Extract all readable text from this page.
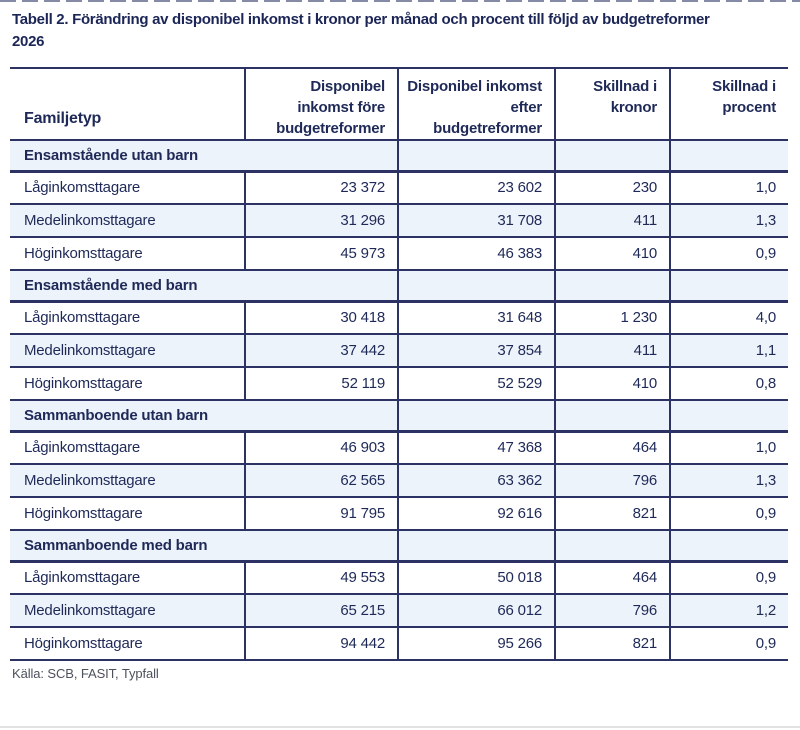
Tabell 2. Förändring av disponibel inkomst i kronor per månad och procent till följd av budgetreformer 2026
Familjetyp	Disponibel inkomst före budgetreformer	Disponibel inkomst efter budgetreformer	Skillnad i kronor	Skillnad i procent
Ensamstående utan barn				
Låginkomsttagare	23 372	23 602	230	1,0
Medelinkomsttagare	31 296	31 708	411	1,3
Höginkomsttagare	45 973	46 383	410	0,9
Ensamstående med barn				
Låginkomsttagare	30 418	31 648	1 230	4,0
Medelinkomsttagare	37 442	37 854	411	1,1
Höginkomsttagare	52 119	52 529	410	0,8
Sammanboende utan barn				
Låginkomsttagare	46 903	47 368	464	1,0
Medelinkomsttagare	62 565	63 362	796	1,3
Höginkomsttagare	91 795	92 616	821	0,9
Sammanboende med barn				
Låginkomsttagare	49 553	50 018	464	0,9
Medelinkomsttagare	65 215	66 012	796	1,2
Höginkomsttagare	94 442	95 266	821	0,9

Källa: SCB, FASIT, Typfall
